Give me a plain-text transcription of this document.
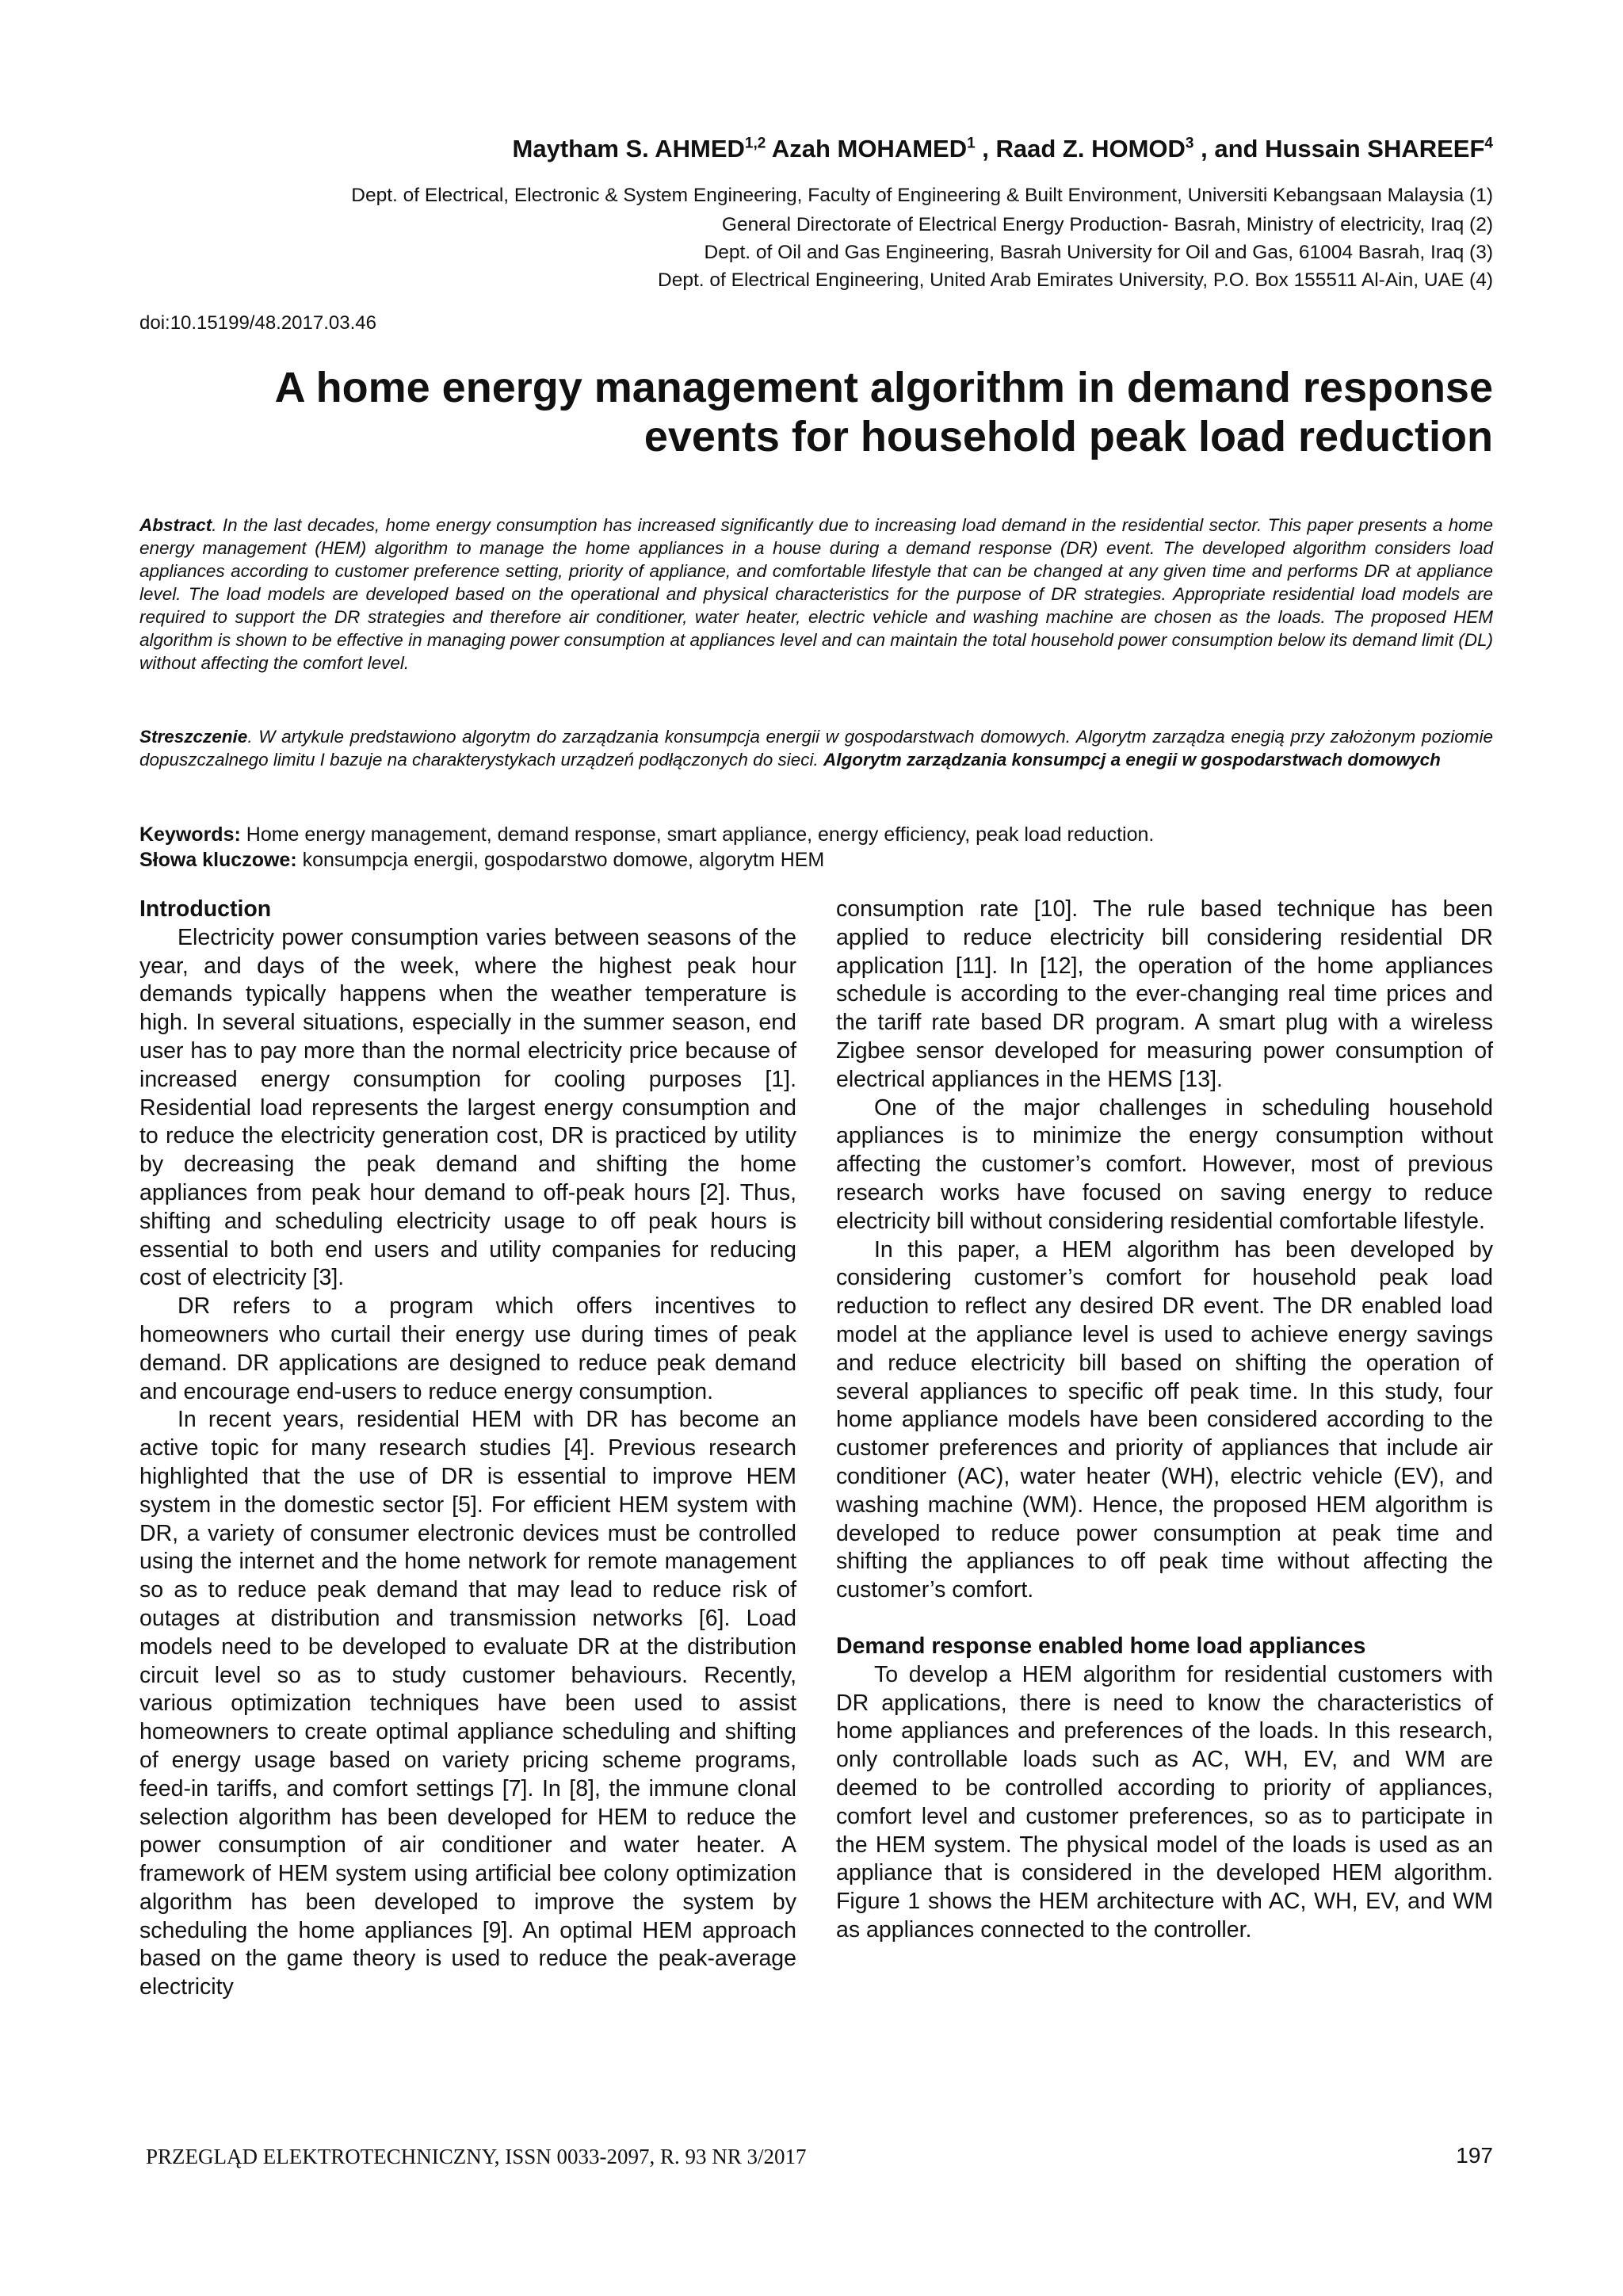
Maytham S. AHMED$^{1,2}$ Azah MOHAMED$^1$ , Raad Z. HOMOD$^3$ , and Hussain SHAREEF$^4$
Dept. of Electrical, Electronic & System Engineering, Faculty of Engineering & Built Environment, Universiti Kebangsaan Malaysia (1)
General Directorate of Electrical Energy Production- Basrah, Ministry of electricity, Iraq (2)
Dept. of Oil and Gas Engineering, Basrah University for Oil and Gas, 61004 Basrah, Iraq (3)
Dept. of Electrical Engineering, United Arab Emirates University, P.O. Box 155511 Al-Ain, UAE (4)
doi:10.15199/48.2017.03.46
A home energy management algorithm in demand response
events for household peak load reduction

Abstract. In the last decades, home energy consumption has increased significantly due to increasing load demand in the residential sector. This paper presents a home energy management (HEM) algorithm to manage the home appliances in a house during a demand response (DR) event. The developed algorithm considers load appliances according to customer preference setting, priority of appliance, and comfortable lifestyle that can be changed at any given time and performs DR at appliance level. The load models are developed based on the operational and physical characteristics for the purpose of DR strategies. Appropriate residential load models are required to support the DR strategies and therefore air conditioner, water heater, electric vehicle and washing machine are chosen as the loads. The proposed HEM algorithm is shown to be effective in managing power consumption at appliances level and can maintain the total household power consumption below its demand limit (DL) without affecting the comfort level.

Streszczenie. W artykule predstawiono algorytm do zarządzania konsumpcja energii w gospodarstwach domowych. Algorytm zarządza enegią przy założonym poziomie dopuszczalnego limitu I bazuje na charakterystykach urządzeń podłączonych do sieci. Algorytm zarządzania konsumpcj a enegii w gospodarstwach domowych

Keywords: Home energy management, demand response, smart appliance, energy efficiency, peak load reduction.
Słowa kluczowe: konsumpcja energii, gospodarstwo domowe, algorytm HEM
Introduction

Electricity power consumption varies between seasons of the year, and days of the week, where the highest peak hour demands typically happens when the weather temperature is high. In several situations, especially in the summer season, end user has to pay more than the normal electricity price because of increased energy consumption for cooling purposes [1]. Residential load represents the largest energy consumption and to reduce the electricity generation cost, DR is practiced by utility by decreasing the peak demand and shifting the home appliances from peak hour demand to off-peak hours [2]. Thus, shifting and scheduling electricity usage to off peak hours is essential to both end users and utility companies for reducing cost of electricity [3].

DR refers to a program which offers incentives to homeowners who curtail their energy use during times of peak demand. DR applications are designed to reduce peak demand and encourage end-users to reduce energy consumption.

In recent years, residential HEM with DR has become an active topic for many research studies [4]. Previous research highlighted that the use of DR is essential to improve HEM system in the domestic sector [5]. For efficient HEM system with DR, a variety of consumer electronic devices must be controlled using the internet and the home network for remote management so as to reduce peak demand that may lead to reduce risk of outages at distribution and transmission networks [6]. Load models need to be developed to evaluate DR at the distribution circuit level so as to study customer behaviours. Recently, various optimization techniques have been used to assist homeowners to create optimal appliance scheduling and shifting of energy usage based on variety pricing scheme programs, feed-in tariffs, and comfort settings [7]. In [8], the immune clonal selection algorithm has been developed for HEM to reduce the power consumption of air conditioner and water heater. A framework of HEM system using artificial bee colony optimization algorithm has been developed to improve the system by scheduling the home appliances [9]. An optimal HEM approach based on the game theory is used to reduce the peak-average electricity

consumption rate [10]. The rule based technique has been applied to reduce electricity bill considering residential DR application [11]. In [12], the operation of the home appliances schedule is according to the ever-changing real time prices and the tariff rate based DR program. A smart plug with a wireless Zigbee sensor developed for measuring power consumption of electrical appliances in the HEMS [13].

One of the major challenges in scheduling household appliances is to minimize the energy consumption without affecting the customer’s comfort. However, most of previous research works have focused on saving energy to reduce electricity bill without considering residential comfortable lifestyle.

In this paper, a HEM algorithm has been developed by considering customer’s comfort for household peak load reduction to reflect any desired DR event. The DR enabled load model at the appliance level is used to achieve energy savings and reduce electricity bill based on shifting the operation of several appliances to specific off peak time. In this study, four home appliance models have been considered according to the customer preferences and priority of appliances that include air conditioner (AC), water heater (WH), electric vehicle (EV), and washing machine (WM). Hence, the proposed HEM algorithm is developed to reduce power consumption at peak time and shifting the appliances to off peak time without affecting the customer’s comfort.

Demand response enabled home load appliances

To develop a HEM algorithm for residential customers with DR applications, there is need to know the characteristics of home appliances and preferences of the loads. In this research, only controllable loads such as AC, WH, EV, and WM are deemed to be controlled according to priority of appliances, comfort level and customer preferences, so as to participate in the HEM system. The physical model of the loads is used as an appliance that is considered in the developed HEM algorithm. Figure 1 shows the HEM architecture with AC, WH, EV, and WM as appliances connected to the controller.

PRZEGLĄD ELEKTROTECHNICZNY, ISSN 0033-2097, R. 93 NR 3/2017	197
